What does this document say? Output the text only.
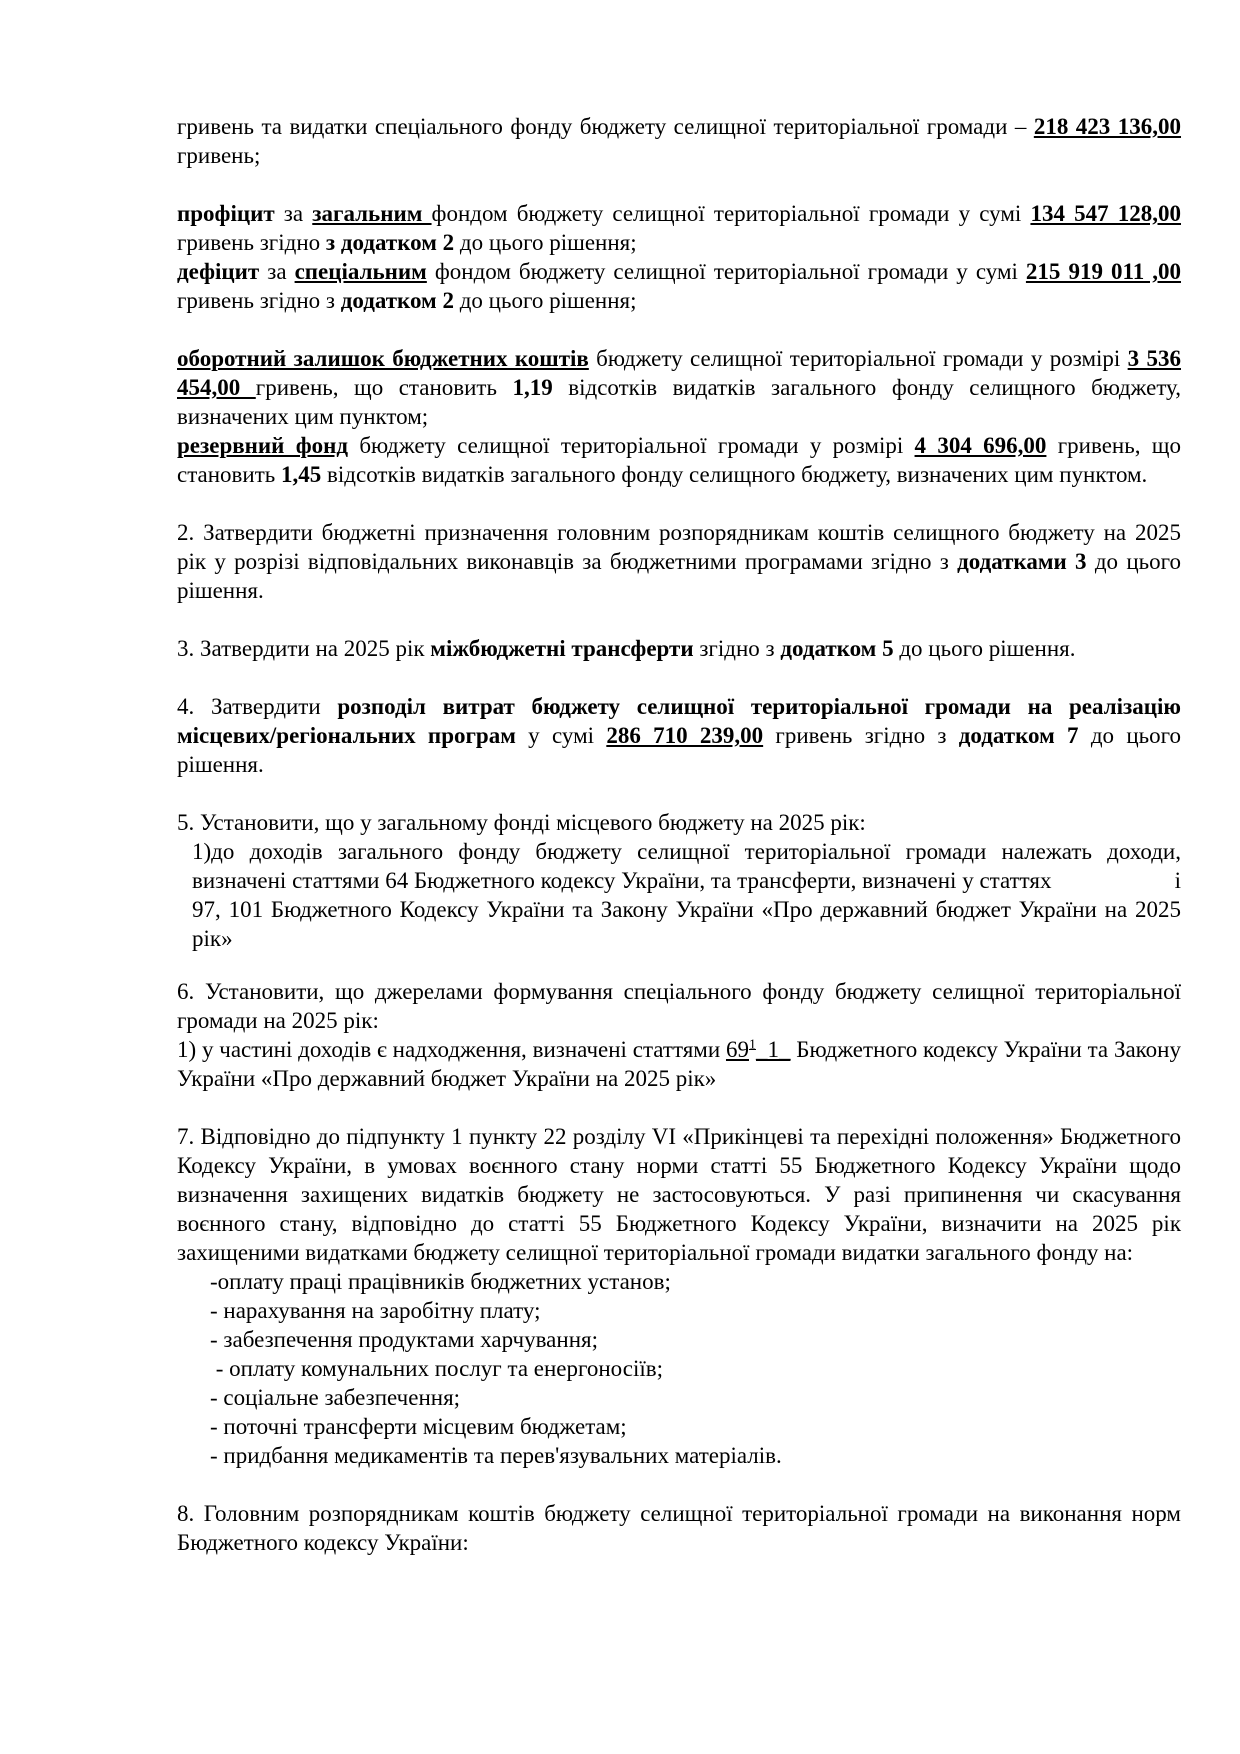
гривень та видатки спеціального фонду бюджету селищної територіальної громади – 218 423 136,00 гривень;

профіцит за загальним фондом бюджету селищної територіальної громади у сумі 134 547 128,00 гривень згідно з додатком 2 до цього рішення;

дефіцит за спеціальним фондом бюджету селищної територіальної громади у сумі 215 919 011 ,00 гривень згідно з додатком 2 до цього рішення;

оборотний залишок бюджетних коштів бюджету селищної територіальної громади у розмірі 3 536 454,00 гривень, що становить 1,19 відсотків видатків загального фонду селищного бюджету, визначених цим пунктом;

резервний фонд бюджету селищної територіальної громади у розмірі 4 304 696,00 гривень, що становить 1,45 відсотків видатків загального фонду селищного бюджету, визначених цим пунктом.

2. Затвердити бюджетні призначення головним розпорядникам коштів селищного бюджету на 2025 рік у розрізі відповідальних виконавців за бюджетними програмами згідно з додатками 3 до цього рішення.

3. Затвердити на 2025 рік міжбюджетні трансферти згідно з додатком 5 до цього рішення.

4. Затвердити розподіл витрат бюджету селищної територіальної громади на реалізацію місцевих/регіональних програм у сумі 286 710 239,00 гривень згідно з додатком 7 до цього рішення.

5. Установити, що у загальному фонді місцевого бюджету на 2025 рік:

1)до доходів загального фонду бюджету селищної територіальної громади належать доходи, визначені статтями 64 Бюджетного кодексу України, та трансферти, визначені у статтях	і

97, 101 Бюджетного Кодексу України та Закону України «Про державний бюджет України на 2025 рік»

6. Установити, що джерелами формування спеціального фонду бюджету селищної територіальної громади на 2025 рік:

1) у частині доходів є надходження, визначені статтями $69^1\_1\_$ Бюджетного кодексу України та Закону України «Про державний бюджет України на 2025 рік»

7. Відповідно до підпункту 1 пункту 22 розділу VI «Прикінцеві та перехідні положення» Бюджетного Кодексу України, в умовах воєнного стану норми статті 55 Бюджетного Кодексу України щодо визначення захищених видатків бюджету не застосовуються. У разі припинення чи скасування воєнного стану, відповідно до статті 55 Бюджетного Кодексу України, визначити на 2025 рік захищеними видатками бюджету селищної територіальної громади видатки загального фонду на:

-оплату праці працівників бюджетних установ;

- нарахування на заробітну плату;

- забезпечення продуктами харчування;

- оплату комунальних послуг та енергоносіїв;

- соціальне забезпечення;

- поточні трансферти місцевим бюджетам;

- придбання медикаментів та перев'язувальних матеріалів.

8. Головним розпорядникам коштів бюджету селищної територіальної громади на виконання норм Бюджетного кодексу України:
